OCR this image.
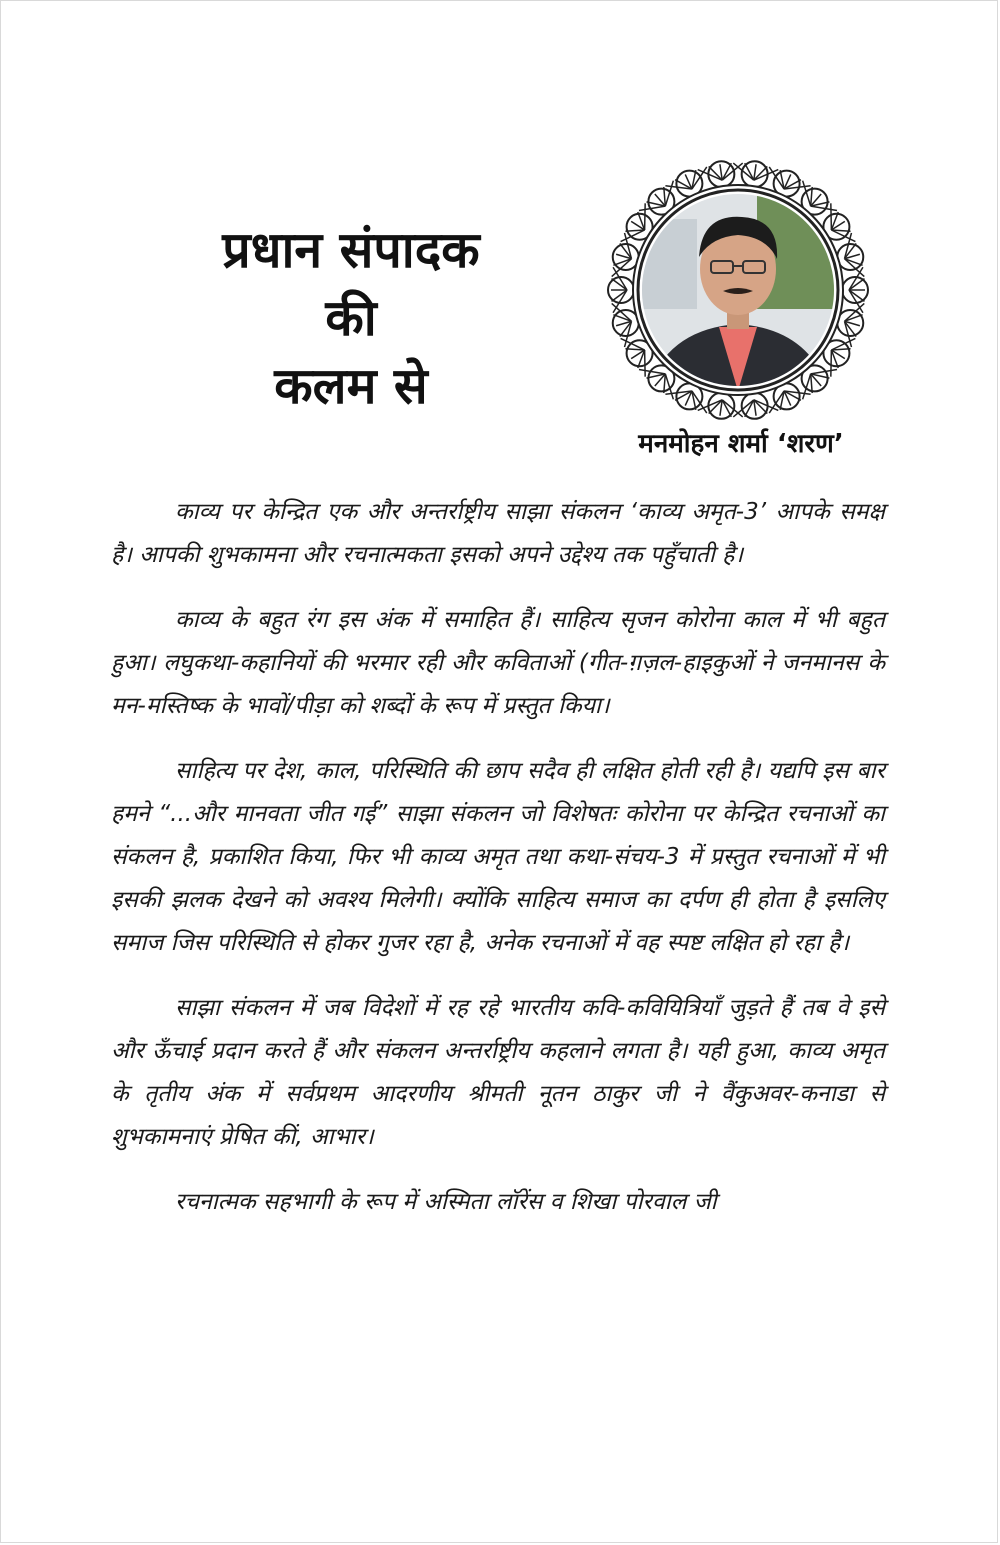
प्रधान संपादक
की
कलम से
मनमोहन शर्मा ‘शरण’

काव्य पर केन्द्रित एक और अन्तर्राष्ट्रीय साझा संकलन ‘काव्य अमृत-3’ आपके समक्ष है। आपकी शुभकामना और रचनात्मकता इसको अपने उद्देश्य तक पहुँचाती है।

काव्य के बहुत रंग इस अंक में समाहित हैं। साहित्य सृजन कोरोना काल में भी बहुत हुआ। लघुकथा-कहानियों की भरमार रही और कविताओं (गीत-ग़ज़ल-हाइकुओं ने जनमानस के मन-मस्तिष्क के भावों/पीड़ा को शब्दों के रूप में प्रस्तुत किया।

साहित्य पर देश, काल, परिस्थिति की छाप सदैव ही लक्षित होती रही है। यद्यपि इस बार हमने “...और मानवता जीत गई” साझा संकलन जो विशेषतः कोरोना पर केन्द्रित रचनाओं का संकलन है, प्रकाशित किया, फिर भी काव्य अमृत तथा कथा-संचय-3 में प्रस्तुत रचनाओं में भी इसकी झलक देखने को अवश्य मिलेगी। क्योंकि साहित्य समाज का दर्पण ही होता है इसलिए समाज जिस परिस्थिति से होकर गुजर रहा है, अनेक रचनाओं में वह स्पष्ट लक्षित हो रहा है।

साझा संकलन में जब विदेशों में रह रहे भारतीय कवि-कवियित्रियाँ जुड़ते हैं तब वे इसे और ऊँचाई प्रदान करते हैं और संकलन अन्तर्राष्ट्रीय कहलाने लगता है। यही हुआ, काव्य अमृत के तृतीय अंक में सर्वप्रथम आदरणीय श्रीमती नूतन ठाकुर जी ने वैंकुअवर-कनाडा से शुभकामनाएं प्रेषित कीं, आभार।

रचनात्मक सहभागी के रूप में अस्मिता लॉरेंस व शिखा पोरवाल जी
